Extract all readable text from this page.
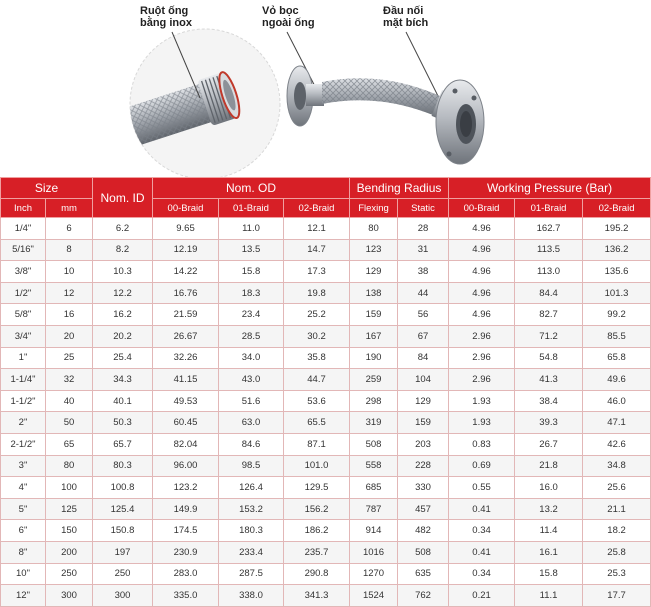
Ruột ống
bằng inox
Vỏ bọc
ngoài ống
Đầu nối
mặt bích
Size		Nom. ID	Nom. OD			Bending Radius		Working Pressure (Bar)		
Inch	mm		00-Braid	01-Braid	02-Braid	Flexing	Static	00-Braid	01-Braid	02-Braid
1/4"	6	6.2	9.65	11.0	12.1	80	28	4.96	162.7	195.2
5/16"	8	8.2	12.19	13.5	14.7	123	31	4.96	113.5	136.2
3/8"	10	10.3	14.22	15.8	17.3	129	38	4.96	113.0	135.6
1/2"	12	12.2	16.76	18.3	19.8	138	44	4.96	84.4	101.3
5/8"	16	16.2	21.59	23.4	25.2	159	56	4.96	82.7	99.2
3/4"	20	20.2	26.67	28.5	30.2	167	67	2.96	71.2	85.5
1"	25	25.4	32.26	34.0	35.8	190	84	2.96	54.8	65.8
1-1/4"	32	34.3	41.15	43.0	44.7	259	104	2.96	41.3	49.6
1-1/2"	40	40.1	49.53	51.6	53.6	298	129	1.93	38.4	46.0
2"	50	50.3	60.45	63.0	65.5	319	159	1.93	39.3	47.1
2-1/2"	65	65.7	82.04	84.6	87.1	508	203	0.83	26.7	42.6
3"	80	80.3	96.00	98.5	101.0	558	228	0.69	21.8	34.8
4"	100	100.8	123.2	126.4	129.5	685	330	0.55	16.0	25.6
5"	125	125.4	149.9	153.2	156.2	787	457	0.41	13.2	21.1
6"	150	150.8	174.5	180.3	186.2	914	482	0.34	11.4	18.2
8"	200	197	230.9	233.4	235.7	1016	508	0.41	16.1	25.8
10"	250	250	283.0	287.5	290.8	1270	635	0.34	15.8	25.3
12"	300	300	335.0	338.0	341.3	1524	762	0.21	11.1	17.7
